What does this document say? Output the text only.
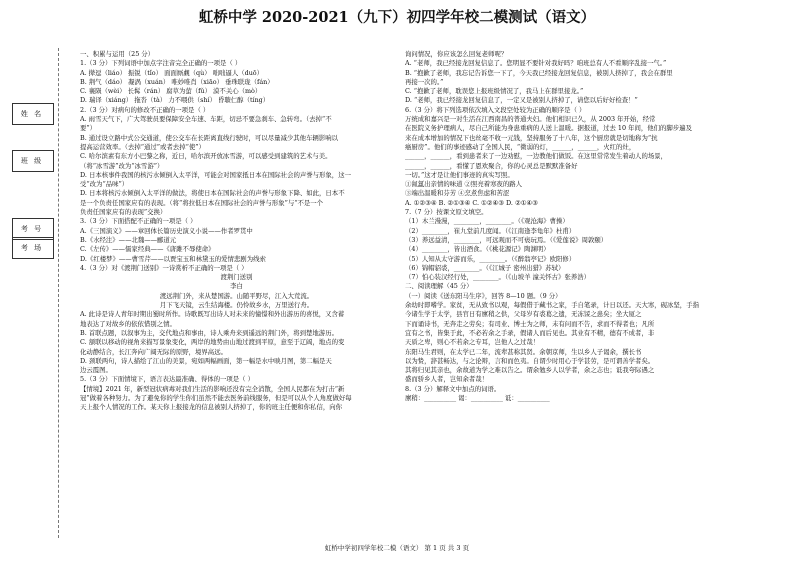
虹桥中学 2020-2021（九下）初四学年校二模测试（语文）
姓 名
班 级
考 号
考 场
一、积累与运用（25 分）
1.（3 分）下列词语中加点字注音完全正确的一项是（ ）
A. 撵逗（liáo） 振锐（tǐo） 面面厮觑（qù） 咄咄逼人（duō）
B. 荆气（dáo） 凝涡（xuán） 唯妙唯肖（xiāo） 垂珠联珑（fán）
C. 襄陨（wèi） 长髯（rán） 腐草为萤（fǔ） 漠不关心（mò）
D. 瑞译（xiáng） 拖沓（tà） 力不喂供（shí） 昏聩仁醇（tíng）
2.（3 分）对病句的修改不正确的一项是（ ）
A. 雨雪天气下，广大驾驶员要保障安全车速、车距，切忌不要急刹车、急转弯。（去掉“不
要”）
B. 通过设立路中式公交通道，使公交车在长距离直线行驶时，可以尽量减少其他车辆影响以
提高运营效率。（去掉“通过”或者去掉“使”）
C. 哈尔滨素有东方小巴黎之称，近日，哈尔滨开放冰雪游，可以感受到建筑的艺术与美。
（将“冰雪游”改为“冰雪游”）
D. 日本核事件我国的核污水倾倒入太平洋，可能会对国家抵日本在国际社会的声誉与形象，这一
受“改为“品味”）
D. 日本将核污水倾倒入太平洋的做法，将使日本在国际社会的声誉与形象下降、如此，日本不
是一个负责任国家应有的表现。（将“将拉低日本在国际社会的声誉与形象”与“不是一个
负责任国家应有的表现”交换）
3.（3 分）下面搭配不正确的一项是（ ）
A.《三国演义》——章回体长篇历史演义小说——作者罗贯中
B.《水经注》——北魏——郦道元
C.《左传》——儒家经典——《唐雎不辱使命》
D.《红楼梦》——曹雪芹——以贾宝玉和林黛玉的爱情悲剧为线索
4.（3 分）对《渡荆门送别》一诗赏析不正确的一项是（ ）
渡荆门送别
李白
渡远荆门外，来从楚国游。山随平野尽，江入大荒流。
月下飞天镜，云生结海楼。仍怜故乡水，万里送行舟。
A. 此诗是诗人青年时期出蜀时所作。诗歌既写出诗人对未来的憧憬和外出游历的喜悦，又含蓄
地表达了对故乡的依依惜别之情。
B. 首联点题，以叙事为主，交代地点和事由，诗人乘舟来到遥远的荆门外，将到楚地游历。
C. 颔联以移动的视角来描写景象变化，两岸的地势由山地过渡到平原，意至于辽阔，地点的变
化动静结合，长江奔向广阔无际的原野，境界高远。
D. 颈联两句，诗人描绘了江山的美景，宛如两幅画面，第一幅是水中映月图，第二幅是天
边云霞图。
5.（3 分）下面情境下，语言表达最准确、得体的一项是（ ）
【情境】2021 年，新型冠状病毒对我们生活的影响还没有完全消散，全国人民都在为打击“新
冠”做着各种努力。为了避免你的学生你们虽然不能去医务前线服务，但是可以从个人角度做好每
天上报个人情况的工作。某天你上报接龙的信息被别人挤掉了，你的班主任便和你私信，向你
询问情况，你应该怎么回复老师呢？
A. “老师，我已经接龙回复信息了。您明显不要针对我好吗？咱班总有人不看顺序乱接一气。”
B. “抱歉了老师，我忘记告诉您一下了，今天我已经接龙回复信息，被别人挤掉了，我会在群里
再接一次的。”
C. “抱歉了老师，耽误您上报班级情况了，我马上在群里接龙。”
D. “老师，我已经接龙回复信息了，一定又是被别人挤掉了，请您以后好好检查！”
6.（3 分）将下列选项依次填入文段空处较为正确的顺序是（ ）
万统成和嘉兴是一对生活在江西南昌的普通夫妇。他们相识已久，从 2003 年开始，经常
在医院义务护理病人，尽自己所能为身患重病的人送上温暖。据报道，过去 10 年间，他们的脚步遍及
来在成本增加的情况下也丝毫不收一元钱，坚持服务了十八年，这个厨房就是切地称为“抗
癌厨房”。他们的事迹感动了全国人民，“微弱的灯，______，______，火红的灶，
______，______，看到患者来了一边劝慰，一边教他们做饭。在这里常常发生着动人的场景，
______，______，看懂了恩欢聚合，你的心灵总是默默准备好
一切。”这才是让他们事迹的真实写照。
①氤氲出亲情的味道 ②照亮着寒夜的路人
③端出温暖和芬芳 ④烹煮焦虑和苦涩
A. ①②③④ B. ②①③④ C. ①②④③ D. ②①④③
7.（7 分）按课文原文填空。
（1）木兰漫漫，________，________。（《观沧海》曹操）
（2）________，崔九堂前几度闻。（《江南逢李龟年》杜甫）
（3）养远益清，________，可远观而不可亵玩焉。（《爱莲说》周敦颐）
（4）________，皆出酒食。（《桃花源记》陶渊明）
（5）人知从太守游而乐，________。（《醉翁亭记》欧阳修）
（6）锦帽貂裘，________。（《江城子 密州出猎》苏轼）
（7）怕心装汉经行处，________。（《山坡羊 潼关怀古》张养浩）
二、阅读理解（45 分）
（一）阅读《送东阳马生序》，回答 8—10 题。（9 分）
余幼时即嗜学。家贫，无从致书以观，每假借于藏书之家，手自笔录，计日以还。天大寒，砚冰坚，手指
今诸生学于太学，县官日有廪稍之供，父母岁有裘葛之遗，无冻馁之患矣；坐大厦之
下而诵诗书，无奔走之劳矣；有司业、博士为之师，未有问而不告，求而不得者也；凡所
宜有之书，皆集于此，不必若余之手录，假诸人而后见也。其业有不精，德有不成者，非
天质之卑，则心不若余之专耳，岂他人之过哉！
东阳马生君则，在太学已二年，流辈甚称其贤。余朝京师，生以乡人子谒余，撰长书
以为贽，辞甚畅达，与之论辩，言和而色夷。自谓少时用心于学甚劳，是可谓善学者矣。
其将归见其亲也，余故道为学之难以告之。谓余勉乡人以学者，余之志也；诋我夸际遇之
盛而骄乡人者，岂知余者哉！
8.（3 分）解释文中加点的词语。
廪稍：__________ 谒：__________ 诋：__________
虹桥中学初四学年校二模（语文） 第 1 页 共 3 页
